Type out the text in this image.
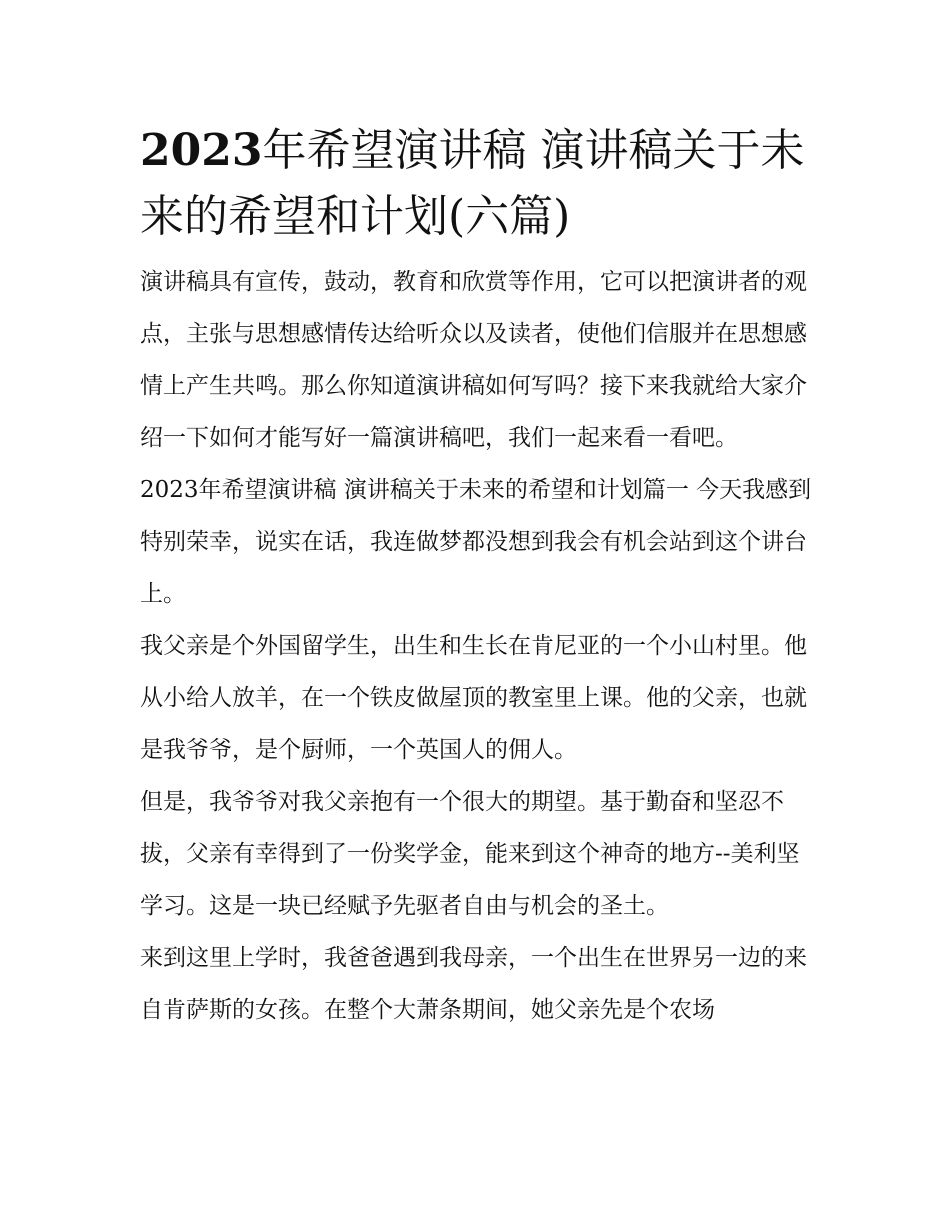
2023年希望演讲稿 演讲稿关于未来的希望和计划(六篇)

演讲稿具有宣传，鼓动，教育和欣赏等作用，它可以把演讲者的观点，主张与思想感情传达给听众以及读者，使他们信服并在思想感情上产生共鸣。那么你知道演讲稿如何写吗？接下来我就给大家介绍一下如何才能写好一篇演讲稿吧，我们一起来看一看吧。

2023年希望演讲稿 演讲稿关于未来的希望和计划篇一 今天我感到特别荣幸，说实在话，我连做梦都没想到我会有机会站到这个讲台上。

我父亲是个外国留学生，出生和生长在肯尼亚的一个小山村里。他从小给人放羊，在一个铁皮做屋顶的教室里上课。他的父亲，也就是我爷爷，是个厨师，一个英国人的佣人。

但是，我爷爷对我父亲抱有一个很大的期望。基于勤奋和坚忍不拔，父亲有幸得到了一份奖学金，能来到这个神奇的地方--美利坚学习。这是一块已经赋予先驱者自由与机会的圣土。

来到这里上学时，我爸爸遇到我母亲，一个出生在世界另一边的来自肯萨斯的女孩。在整个大萧条期间，她父亲先是个农场
